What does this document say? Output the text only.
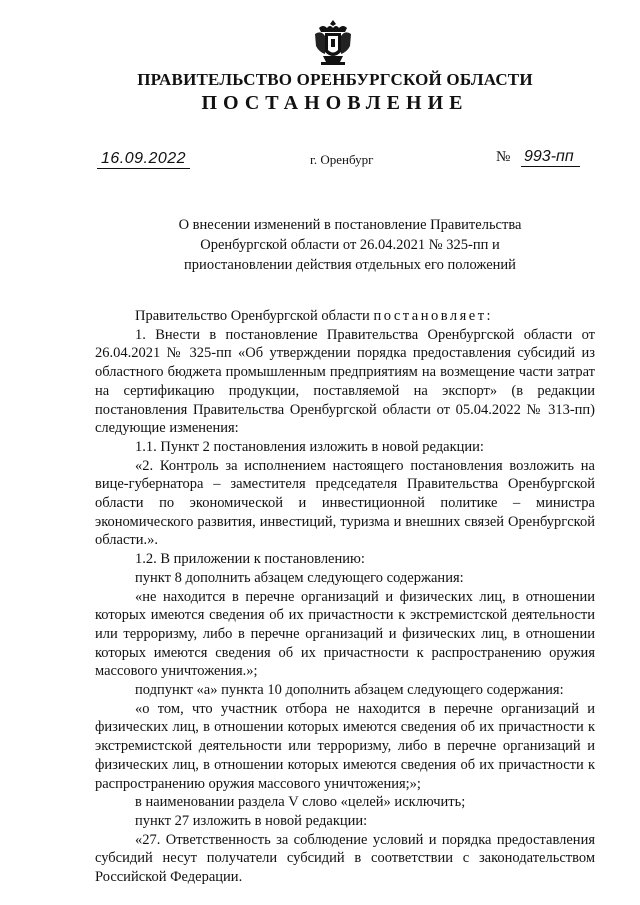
ПРАВИТЕЛЬСТВО ОРЕНБУРГСКОЙ ОБЛАСТИ
ПОСТАНОВЛЕНИЕ
16.09.2022	г. Оренбург	№ 993-пп
О внесении изменений в постановление Правительства Оренбургской области от 26.04.2021 № 325-пп и приостановлении действия отдельных его положений

Правительство Оренбургской области постановляет:

1. Внести в постановление Правительства Оренбургской области от 26.04.2021 № 325-пп «Об утверждении порядка предоставления субсидий из областного бюджета промышленным предприятиям на возмещение части затрат на сертификацию продукции, поставляемой на экспорт» (в редакции постановления Правительства Оренбургской области от 05.04.2022 № 313-пп) следующие изменения:

1.1. Пункт 2 постановления изложить в новой редакции:

«2. Контроль за исполнением настоящего постановления возложить на вице-губернатора – заместителя председателя Правительства Оренбургской области по экономической и инвестиционной политике – министра экономического развития, инвестиций, туризма и внешних связей Оренбургской области.».

1.2. В приложении к постановлению:

пункт 8 дополнить абзацем следующего содержания:

«не находится в перечне организаций и физических лиц, в отношении которых имеются сведения об их причастности к экстремистской деятельности или терроризму, либо в перечне организаций и физических лиц, в отношении которых имеются сведения об их причастности к распространению оружия массового уничтожения.»;

подпункт «а» пункта 10 дополнить абзацем следующего содержания:

«о том, что участник отбора не находится в перечне организаций и физических лиц, в отношении которых имеются сведения об их причастности к экстремистской деятельности или терроризму, либо в перечне организаций и физических лиц, в отношении которых имеются сведения об их причастности к распространению оружия массового уничтожения;»;

в наименовании раздела V слово «целей» исключить;

пункт 27 изложить в новой редакции:

«27. Ответственность за соблюдение условий и порядка предоставления субсидий несут получатели субсидий в соответствии с законодательством Российской Федерации.
